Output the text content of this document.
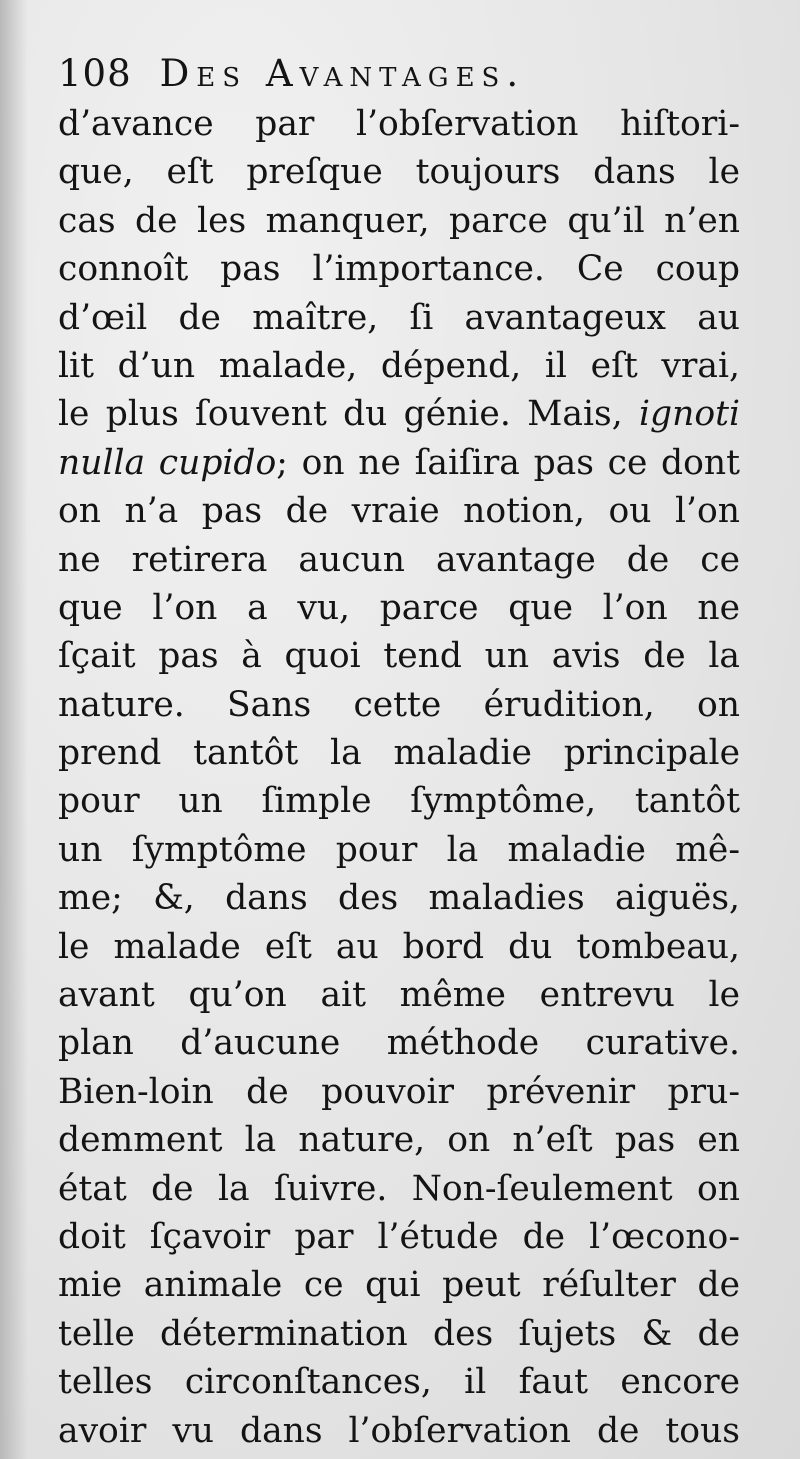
108 Des Avantages.
d’avance par l’obſervation hiſtori-
que, eſt preſque toujours dans le
cas de les manquer, parce qu’il n’en
connoît pas l’importance. Ce coup
d’œil de maître, ſi avantageux au
lit d’un malade, dépend, il eſt vrai,
le plus ſouvent du génie. Mais, ignoti
nulla cupido; on ne ſaiſira pas ce dont
on n’a pas de vraie notion, ou l’on
ne retirera aucun avantage de ce
que l’on a vu, parce que l’on ne
ſçait pas à quoi tend un avis de la
nature. Sans cette érudition, on
prend tantôt la maladie principale
pour un ſimple ſymptôme, tantôt
un ſymptôme pour la maladie mê-
me; &, dans des maladies aiguës,
le malade eſt au bord du tombeau,
avant qu’on ait même entrevu le
plan d’aucune méthode curative.
Bien-loin de pouvoir prévenir pru-
demment la nature, on n’eſt pas en
état de la ſuivre. Non-ſeulement on
doit ſçavoir par l’étude de l’œcono-
mie animale ce qui peut réſulter de
telle détermination des ſujets & de
telles circonſtances, il faut encore
avoir vu dans l’obſervation de tous
